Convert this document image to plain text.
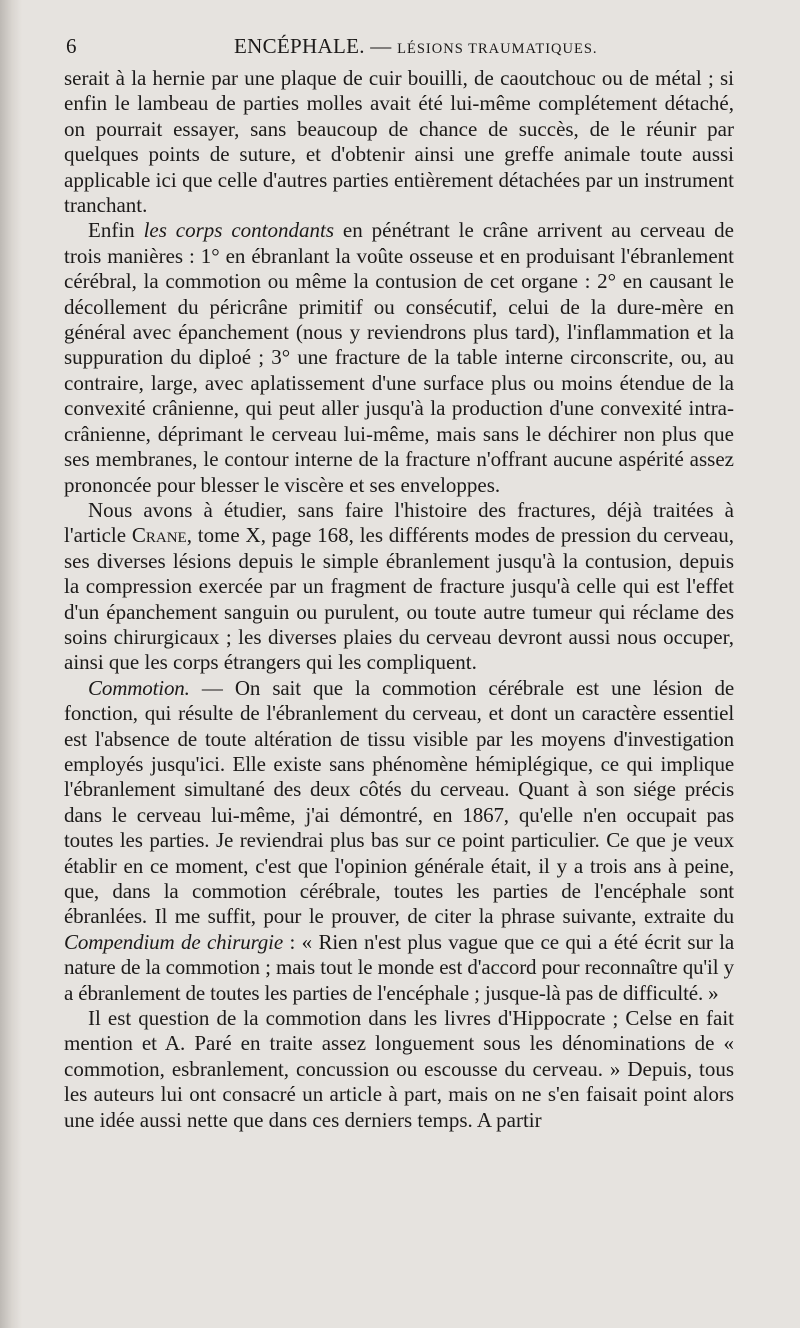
6	ENCÉPHALE. — LÉSIONS TRAUMATIQUES.

serait à la hernie par une plaque de cuir bouilli, de caoutchouc ou de métal ; si enfin le lambeau de parties molles avait été lui-même complétement détaché, on pourrait essayer, sans beaucoup de chance de succès, de le réunir par quelques points de suture, et d'obtenir ainsi une greffe animale toute aussi applicable ici que celle d'autres parties entièrement détachées par un instrument tranchant.

Enfin les corps contondants en pénétrant le crâne arrivent au cerveau de trois manières : 1° en ébranlant la voûte osseuse et en produisant l'ébranlement cérébral, la commotion ou même la contusion de cet organe : 2° en causant le décollement du péricrâne primitif ou consécutif, celui de la dure-mère en général avec épanchement (nous y reviendrons plus tard), l'inflammation et la suppuration du diploé ; 3° une fracture de la table interne circonscrite, ou, au contraire, large, avec aplatissement d'une surface plus ou moins étendue de la convexité crânienne, qui peut aller jusqu'à la production d'une convexité intra-crânienne, déprimant le cerveau lui-même, mais sans le déchirer non plus que ses membranes, le contour interne de la fracture n'offrant aucune aspérité assez prononcée pour blesser le viscère et ses enveloppes.

Nous avons à étudier, sans faire l'histoire des fractures, déjà traitées à l'article Crane, tome X, page 168, les différents modes de pression du cerveau, ses diverses lésions depuis le simple ébranlement jusqu'à la contusion, depuis la compression exercée par un fragment de fracture jusqu'à celle qui est l'effet d'un épanchement sanguin ou purulent, ou toute autre tumeur qui réclame des soins chirurgicaux ; les diverses plaies du cerveau devront aussi nous occuper, ainsi que les corps étrangers qui les compliquent.

Commotion. — On sait que la commotion cérébrale est une lésion de fonction, qui résulte de l'ébranlement du cerveau, et dont un caractère essentiel est l'absence de toute altération de tissu visible par les moyens d'investigation employés jusqu'ici. Elle existe sans phénomène hémiplégique, ce qui implique l'ébranlement simultané des deux côtés du cerveau. Quant à son siége précis dans le cerveau lui-même, j'ai démontré, en 1867, qu'elle n'en occupait pas toutes les parties. Je reviendrai plus bas sur ce point particulier. Ce que je veux établir en ce moment, c'est que l'opinion générale était, il y a trois ans à peine, que, dans la commotion cérébrale, toutes les parties de l'encéphale sont ébranlées. Il me suffit, pour le prouver, de citer la phrase suivante, extraite du Compendium de chirurgie : « Rien n'est plus vague que ce qui a été écrit sur la nature de la commotion ; mais tout le monde est d'accord pour reconnaître qu'il y a ébranlement de toutes les parties de l'encéphale ; jusque-là pas de difficulté. »

Il est question de la commotion dans les livres d'Hippocrate ; Celse en fait mention et A. Paré en traite assez longuement sous les dénominations de « commotion, esbranlement, concussion ou escousse du cerveau. » Depuis, tous les auteurs lui ont consacré un article à part, mais on ne s'en faisait point alors une idée aussi nette que dans ces derniers temps. A partir
